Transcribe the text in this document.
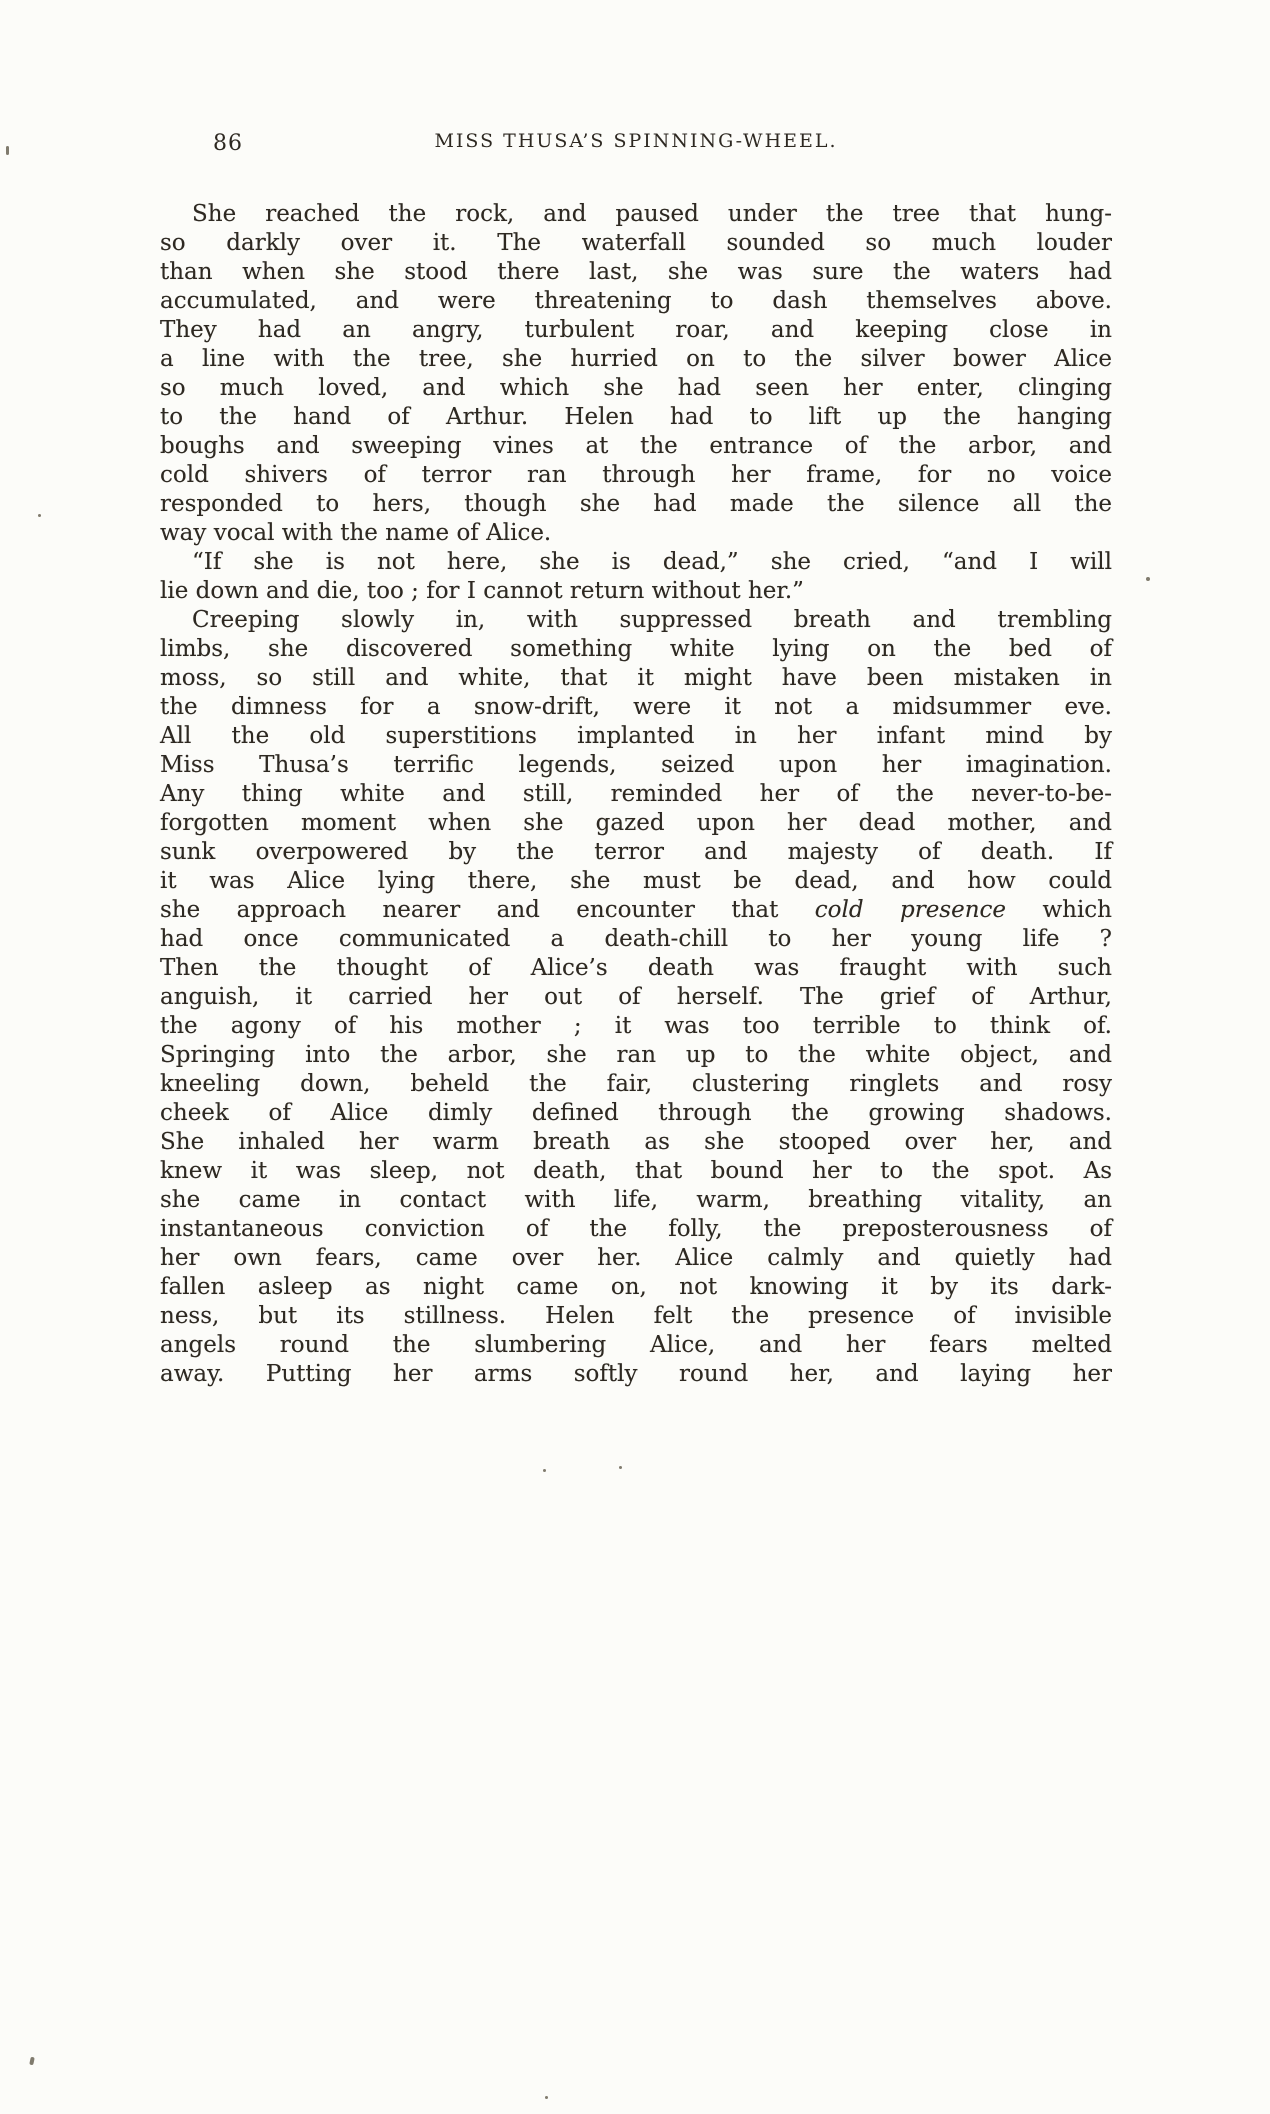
86	MISS THUSA’S SPINNING-WHEEL.
She reached the rock, and paused under the tree that hung-
so darkly over it. The waterfall sounded so much louder
than when she stood there last, she was sure the waters had
accumulated, and were threatening to dash themselves above.
They had an angry, turbulent roar, and keeping close in
a line with the tree, she hurried on to the silver bower Alice
so much loved, and which she had seen her enter, clinging
to the hand of Arthur. Helen had to lift up the hanging
boughs and sweeping vines at the entrance of the arbor, and
cold shivers of terror ran through her frame, for no voice
responded to hers, though she had made the silence all the
way vocal with the name of Alice.
“If she is not here, she is dead,” she cried, “and I will
lie down and die, too ; for I cannot return without her.”
Creeping slowly in, with suppressed breath and trembling
limbs, she discovered something white lying on the bed of
moss, so still and white, that it might have been mistaken in
the dimness for a snow-drift, were it not a midsummer eve.
All the old superstitions implanted in her infant mind by
Miss Thusa’s terrific legends, seized upon her imagination.
Any thing white and still, reminded her of the never-to-be-
forgotten moment when she gazed upon her dead mother, and
sunk overpowered by the terror and majesty of death. If
it was Alice lying there, she must be dead, and how could
she approach nearer and encounter that cold presence which
had once communicated a death-chill to her young life ?
Then the thought of Alice’s death was fraught with such
anguish, it carried her out of herself. The grief of Arthur,
the agony of his mother ; it was too terrible to think of.
Springing into the arbor, she ran up to the white object, and
kneeling down, beheld the fair, clustering ringlets and rosy
cheek of Alice dimly defined through the growing shadows.
She inhaled her warm breath as she stooped over her, and
knew it was sleep, not death, that bound her to the spot. As
she came in contact with life, warm, breathing vitality, an
instantaneous conviction of the folly, the preposterousness of
her own fears, came over her. Alice calmly and quietly had
fallen asleep as night came on, not knowing it by its dark-
ness, but its stillness. Helen felt the presence of invisible
angels round the slumbering Alice, and her fears melted
away. Putting her arms softly round her, and laying her
